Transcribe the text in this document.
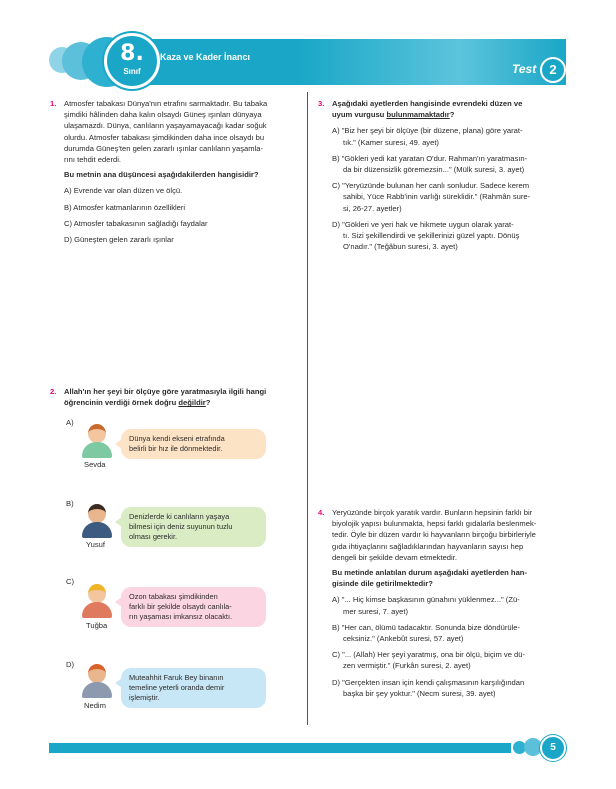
8.
Sınıf
Kaza ve Kader İnancı
Test	2
1. Atmosfer tabakası Dünya'nın etrafını sarmaktadır. Bu tabaka
şimdiki hâlinden daha kalın olsaydı Güneş ışınları dünyaya
ulaşamazdı. Dünya, canlıların yaşayamayacağı kadar soğuk
olurdu. Atmosfer tabakası şimdikinden daha ince olsaydı bu
durumda Güneş'ten gelen zararlı ışınlar canlıların yaşamla-
rını tehdit ederdi.
Bu metnin ana düşüncesi aşağıdakilerden hangisidir?
A) Evrende var olan düzen ve ölçü.
B) Atmosfer katmanlarının özellikleri
C) Atmosfer tabakasının sağladığı faydalar
D) Güneşten gelen zararlı ışınlar
2. Allah'ın her şeyi bir ölçüye göre yaratmasıyla ilgili hangi
öğrencinin verdiği örnek doğru değildir?
A)
Sevda
Dünya kendi ekseni etrafında
belirli bir hız ile dönmektedir.
B)
Yusuf
Denizlerde ki canlıların yaşaya
bilmesi için deniz suyunun tuzlu
olması gerekir.
C)
Tuğba
Ozon tabakası şimdikinden
farklı bir şekilde olsaydı canlıla-
rın yaşaması imkansız olacaktı.
D)
Nedim
Muteahhit Faruk Bey binanın
temeline yeterli oranda demir
işlemiştir.
3. Aşağıdaki ayetlerden hangisinde evrendeki düzen ve
uyum vurgusu bulunmamaktadır?
A) "Biz her şeyi bir ölçüye (bir düzene, plana) göre yarat-
tık." (Kamer suresi, 49. ayet)
B) "Gökleri yedi kat yaratan O'dur. Rahman'ın yaratmasın-
da bir düzensizlik göremezsin..." (Mülk suresi, 3. ayet)
C) "Yeryüzünde bulunan her canlı sonludur. Sadece kerem
sahibi, Yüce Rabb'inin varlığı süreklidir." (Rahmân sure-
si, 26-27. ayetler)
D) "Gökleri ve yeri hak ve hikmete uygun olarak yarat-
tı. Sizi şekillendirdi ve şekillerinizi güzel yaptı. Dönüş
O'nadır." (Teğâbun suresi, 3. ayet)
4. Yeryüzünde birçok yaratık vardır. Bunların hepsinin farklı bir
biyolojik yapısı bulunmakta, hepsi farklı gıdalarla beslenmek-
tedir. Öyle bir düzen vardır ki hayvanların birçoğu birbirleriyle
gıda ihtiyaçlarını sağladıklarından hayvanların sayısı hep
dengeli bir şekilde devam etmektedir.
Bu metinde anlatılan durum aşağıdaki ayetlerden han-
gisinde dile getirilmektedir?
A) "... Hiç kimse başkasının günahını yüklenmez..." (Zü-
mer suresi, 7. ayet)
B) "Her can, ölümü tadacaktır. Sonunda bize döndürüle-
ceksiniz." (Ankebût suresi, 57. ayet)
C) "... (Allah) Her şeyi yaratmış, ona bir ölçü, biçim ve dü-
zen vermiştir." (Furkân suresi, 2. ayet)
D) "Gerçekten insan için kendi çalışmasının karşılığından
başka bir şey yoktur." (Necm suresi, 39. ayet)
5
